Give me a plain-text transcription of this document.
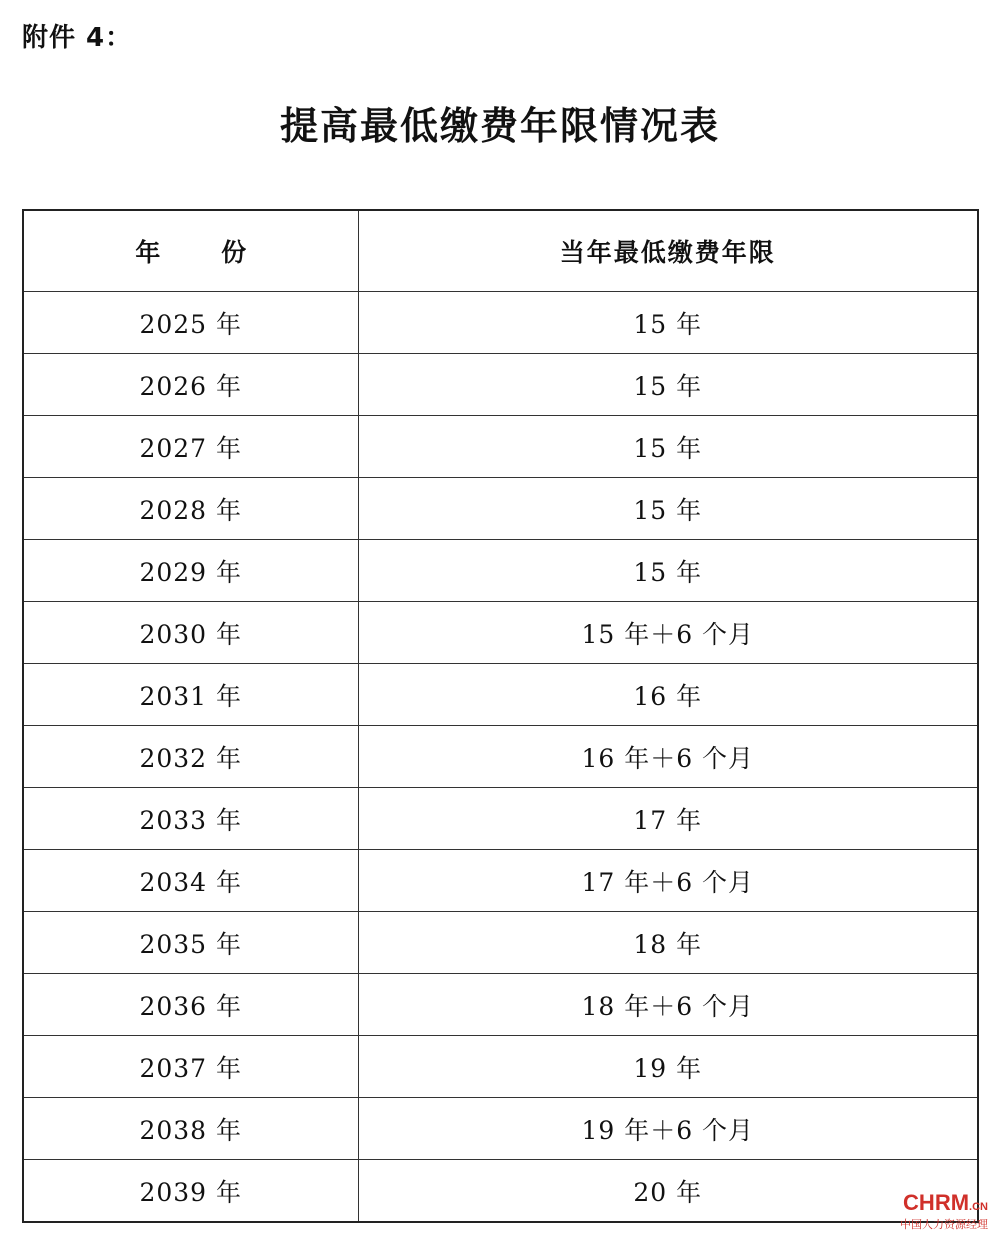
附件 4：
提高最低缴费年限情况表
年 份	当年最低缴费年限
2025 年	15 年
2026 年	15 年
2027 年	15 年
2028 年	15 年
2029 年	15 年
2030 年	15 年＋6 个月
2031 年	16 年
2032 年	16 年＋6 个月
2033 年	17 年
2034 年	17 年＋6 个月
2035 年	18 年
2036 年	18 年＋6 个月
2037 年	19 年
2038 年	19 年＋6 个月
2039 年	20 年	CHRM.CN
中国人力资源经理
